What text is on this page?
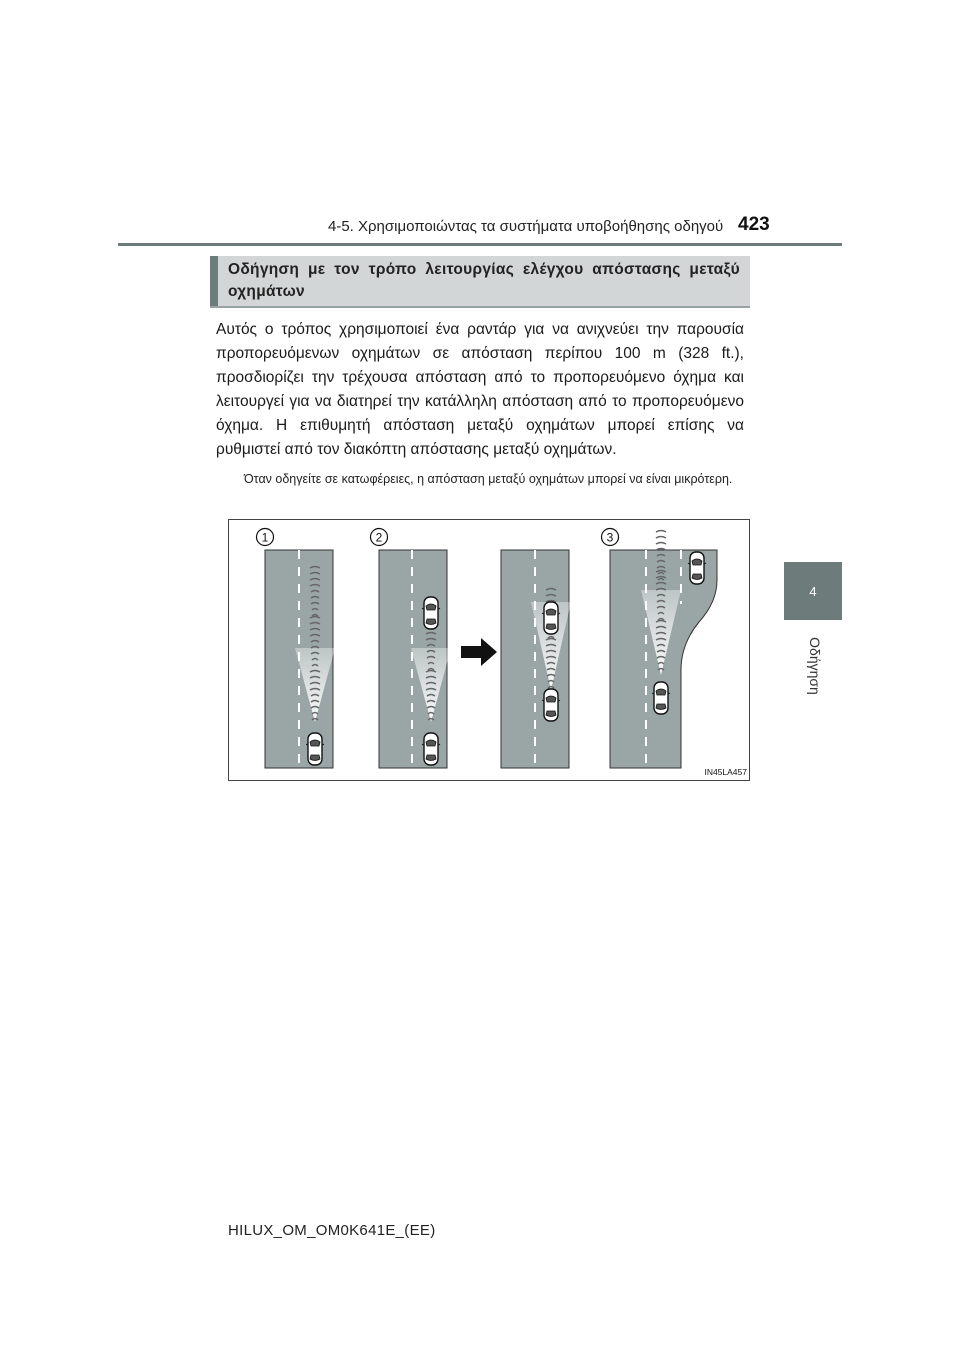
4-5. Χρησιμοποιώντας τα συστήματα υποβοήθησης οδηγού 423
4
Οδήγηση
Οδήγηση με τον τρόπο λειτουργίας ελέγχου απόστασης μεταξύ οχημάτων
Αυτός ο τρόπος χρησιμοποιεί ένα ραντάρ για να ανιχνεύει την παρουσία προπορευόμενων οχημάτων σε απόσταση περίπου 100 m (328 ft.), προσδιορίζει την τρέχουσα απόσταση από το προπορευόμενο όχημα και λειτουργεί για να διατηρεί την κατάλληλη απόσταση από το προπορευόμενο όχημα. Η επιθυμητή απόσταση μεταξύ οχημάτων μπορεί επίσης να ρυθμιστεί από τον διακόπτη απόστασης μεταξύ οχημάτων.
Όταν οδηγείτε σε κατωφέρειες, η απόσταση μεταξύ οχημάτων μπορεί να είναι μικρότερη.
1	2	3
IN45LA457
HILUX_OM_OM0K641E_(EE)
